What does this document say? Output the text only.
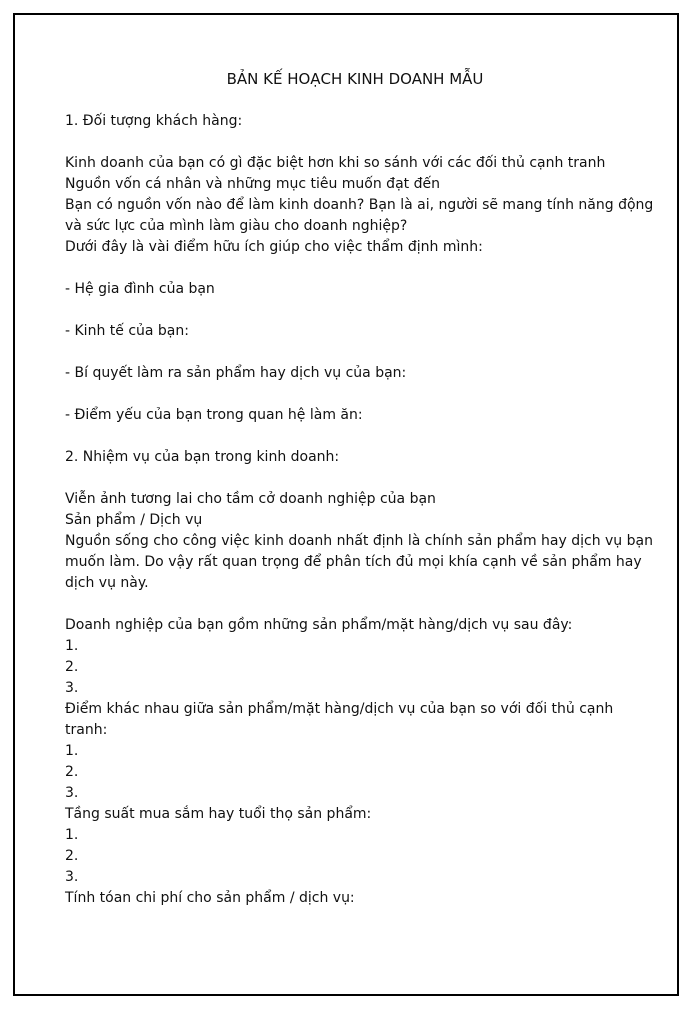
BẢN KẾ HOẠCH KINH DOANH MẪU
1. Đối tượng khách hàng:
Kinh doanh của bạn có gì đặc biệt hơn khi so sánh với các đối thủ cạnh tranh
Nguồn vốn cá nhân và những mục tiêu muốn đạt đến
Bạn có nguồn vốn nào để làm kinh doanh? Bạn là ai, người sẽ mang tính năng động
và sức lực của mình làm giàu cho doanh nghiệp?
Dưới đây là vài điểm hữu ích giúp cho việc thẩm định mình:
- Hệ gia đình của bạn
- Kinh tế của bạn:
- Bí quyết làm ra sản phẩm hay dịch vụ của bạn:
- Điểm yếu của bạn trong quan hệ làm ăn:
2. Nhiệm vụ của bạn trong kinh doanh:
Viễn ảnh tương lai cho tầm cở doanh nghiệp của bạn
Sản phẩm / Dịch vụ
Nguồn sống cho công việc kinh doanh nhất định là chính sản phẩm hay dịch vụ bạn
muốn làm. Do vậy rất quan trọng để phân tích đủ mọi khía cạnh về sản phẩm hay
dịch vụ này.
Doanh nghiệp của bạn gồm những sản phẩm/mặt hàng/dịch vụ sau đây:
1.
2.
3.
Điểm khác nhau giữa sản phẩm/mặt hàng/dịch vụ của bạn so với đối thủ cạnh
tranh:
1.
2.
3.
Tầng suất mua sắm hay tuổi thọ sản phẩm:
1.
2.
3.
Tính tóan chi phí cho sản phẩm / dịch vụ:
